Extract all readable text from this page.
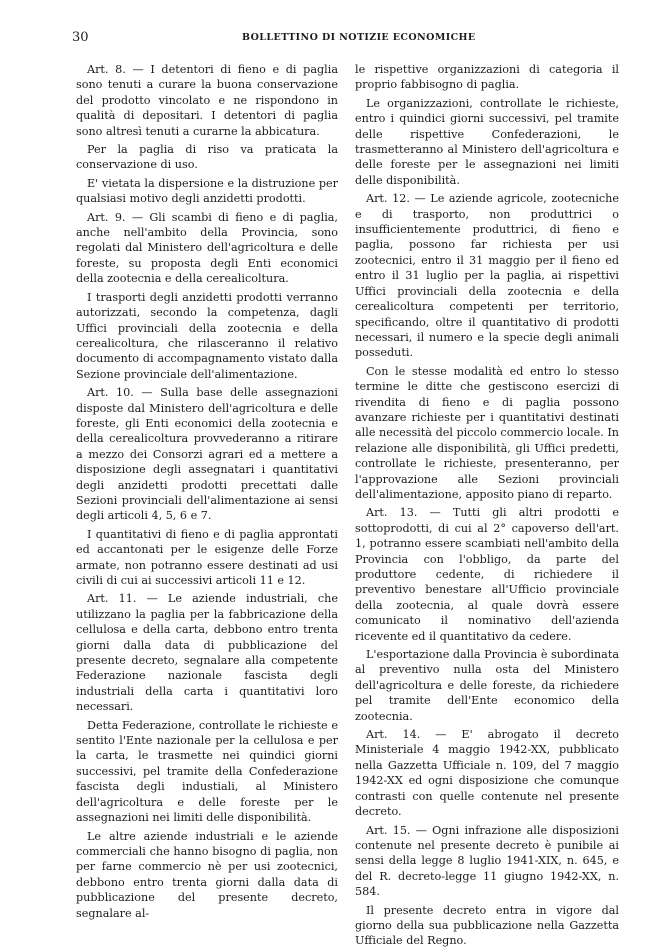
30	BOLLETTINO DI NOTIZIE ECONOMICHE

Art. 8. — I detentori di fieno e di paglia sono tenuti a curare la buona conservazione del prodotto vincolato e ne rispondono in qualità di depositari. I detentori di paglia sono altresì tenuti a curarne la abbicatura.

Per la paglia di riso va praticata la conservazione di uso.

E' vietata la dispersione e la distruzione per qualsiasi motivo degli anzidetti prodotti.

Art. 9. — Gli scambi di fieno e di paglia, anche nell'ambito della Provincia, sono regolati dal Ministero dell'agricoltura e delle foreste, su proposta degli Enti economici della zootecnia e della cerealicoltura.

I trasporti degli anzidetti prodotti verranno autorizzati, secondo la competenza, dagli Uffici provinciali della zootecnia e della cerealicoltura, che rilasceranno il relativo documento di accompagnamento vistato dalla Sezione provinciale dell'alimentazione.

Art. 10. — Sulla base delle assegnazioni disposte dal Ministero dell'agricoltura e delle foreste, gli Enti economici della zootecnia e della cerealicoltura provvederanno a ritirare a mezzo dei Consorzi agrari ed a mettere a disposizione degli assegnatari i quantitativi degli anzidetti prodotti precettati dalle Sezioni provinciali dell'alimentazione ai sensi degli articoli 4, 5, 6 e 7.

I quantitativi di fieno e di paglia approntati ed accantonati per le esigenze delle Forze armate, non potranno essere destinati ad usi civili di cui ai successivi articoli 11 e 12.

Art. 11. — Le aziende industriali, che utilizzano la paglia per la fabbricazione della cellulosa e della carta, debbono entro trenta giorni dalla data di pubblicazione del presente decreto, segnalare alla competente Federazione nazionale fascista degli industriali della carta i quantitativi loro necessari.

Detta Federazione, controllate le richieste e sentito l'Ente nazionale per la cellulosa e per la carta, le trasmette nei quindici giorni successivi, pel tramite della Confederazione fascista degli industiali, al Ministero dell'agricoltura e delle foreste per le assegnazioni nei limiti delle disponibilità.

Le altre aziende industriali e le aziende commerciali che hanno bisogno di paglia, non per farne commercio nè per usi zootecnici, debbono entro trenta giorni dalla data di pubblicazione del presente decreto, segnalare al-

le rispettive organizzazioni di categoria il proprio fabbisogno di paglia.

Le organizzazioni, controllate le richieste, entro i quindici giorni successivi, pel tramite delle rispettive Confederazioni, le trasmetteranno al Ministero dell'agricoltura e delle foreste per le assegnazioni nei limiti delle disponibilità.

Art. 12. — Le aziende agricole, zootecniche e di trasporto, non produttrici o insufficientemente produttrici, di fieno e paglia, possono far richiesta per usi zootecnici, entro il 31 maggio per il fieno ed entro il 31 luglio per la paglia, ai rispettivi Uffici provinciali della zootecnia e della cerealicoltura competenti per territorio, specificando, oltre il quantitativo di prodotti necessari, il numero e la specie degli animali posseduti.

Con le stesse modalità ed entro lo stesso termine le ditte che gestiscono esercizi di rivendita di fieno e di paglia possono avanzare richieste per i quantitativi destinati alle necessità del piccolo commercio locale. In relazione alle disponibilità, gli Uffici predetti, controllate le richieste, presenteranno, per l'approvazione alle Sezioni provinciali dell'alimentazione, apposito piano di reparto.

Art. 13. — Tutti gli altri prodotti e sottoprodotti, di cui al 2° capoverso dell'art. 1, potranno essere scambiati nell'ambito della Provincia con l'obbligo, da parte del produttore cedente, di richiedere il preventivo benestare all'Ufficio provinciale della zootecnia, al quale dovrà essere comunicato il nominativo dell'azienda ricevente ed il quantitativo da cedere.

L'esportazione dalla Provincia è subordinata al preventivo nulla osta del Ministero dell'agricoltura e delle foreste, da richiedere pel tramite dell'Ente economico della zootecnia.

Art. 14. — E' abrogato il decreto Ministeriale 4 maggio 1942-XX, pubblicato nella Gazzetta Ufficiale n. 109, del 7 maggio 1942-XX ed ogni disposizione che comunque contrasti con quelle contenute nel presente decreto.

Art. 15. — Ogni infrazione alle disposizioni contenute nel presente decreto è punibile ai sensi della legge 8 luglio 1941-XIX, n. 645, e del R. decreto-legge 11 giugno 1942-XX, n. 584.

Il presente decreto entra in vigore dal giorno della sua pubblicazione nella Gazzetta Ufficiale del Regno.
